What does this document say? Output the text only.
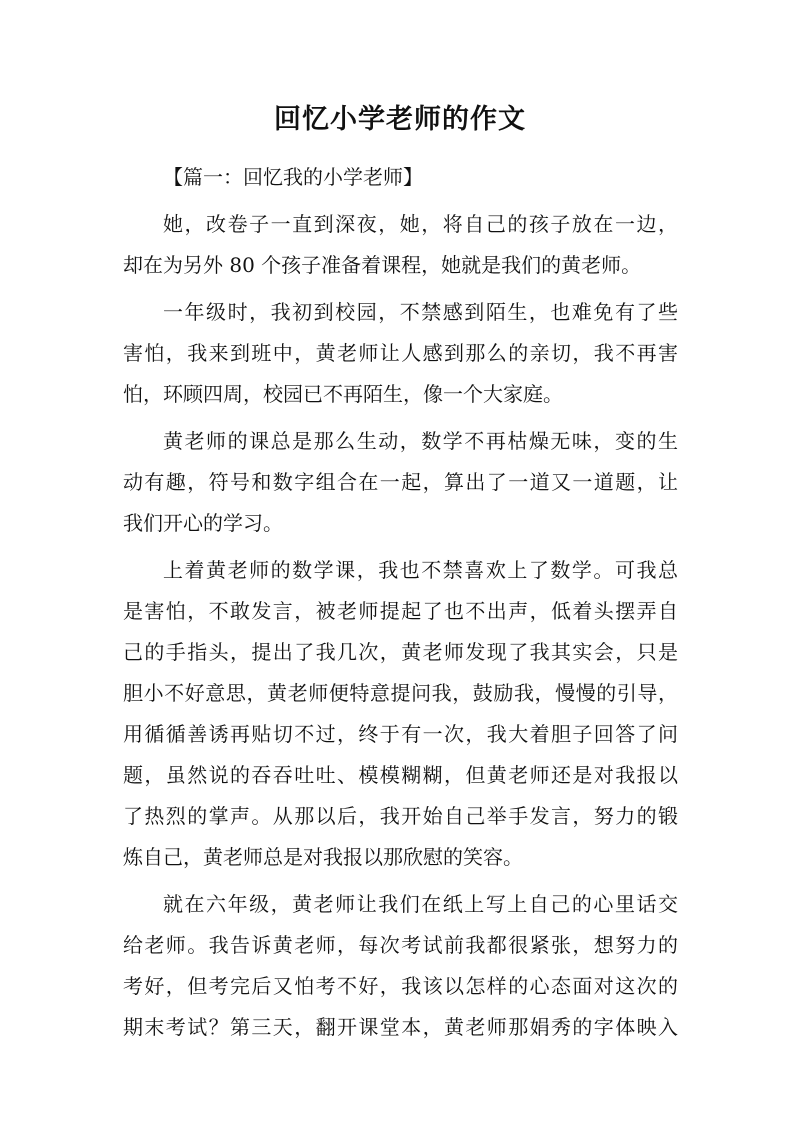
回忆小学老师的作文
【篇一：回忆我的小学老师】
她，改卷子一直到深夜，她，将自己的孩子放在一边，
却在为另外 80 个孩子准备着课程，她就是我们的黄老师。
一年级时，我初到校园，不禁感到陌生，也难免有了些
害怕，我来到班中，黄老师让人感到那么的亲切，我不再害
怕，环顾四周，校园已不再陌生，像一个大家庭。
黄老师的课总是那么生动，数学不再枯燥无味，变的生
动有趣，符号和数字组合在一起，算出了一道又一道题，让
我们开心的学习。
上着黄老师的数学课，我也不禁喜欢上了数学。可我总
是害怕，不敢发言，被老师提起了也不出声，低着头摆弄自
己的手指头，提出了我几次，黄老师发现了我其实会，只是
胆小不好意思，黄老师便特意提问我，鼓励我，慢慢的引导，
用循循善诱再贴切不过，终于有一次，我大着胆子回答了问
题，虽然说的吞吞吐吐、模模糊糊，但黄老师还是对我报以
了热烈的掌声。从那以后，我开始自己举手发言，努力的锻
炼自己，黄老师总是对我报以那欣慰的笑容。
就在六年级，黄老师让我们在纸上写上自己的心里话交
给老师。我告诉黄老师，每次考试前我都很紧张，想努力的
考好，但考完后又怕考不好，我该以怎样的心态面对这次的
期末考试？第三天，翻开课堂本，黄老师那娟秀的字体映入
